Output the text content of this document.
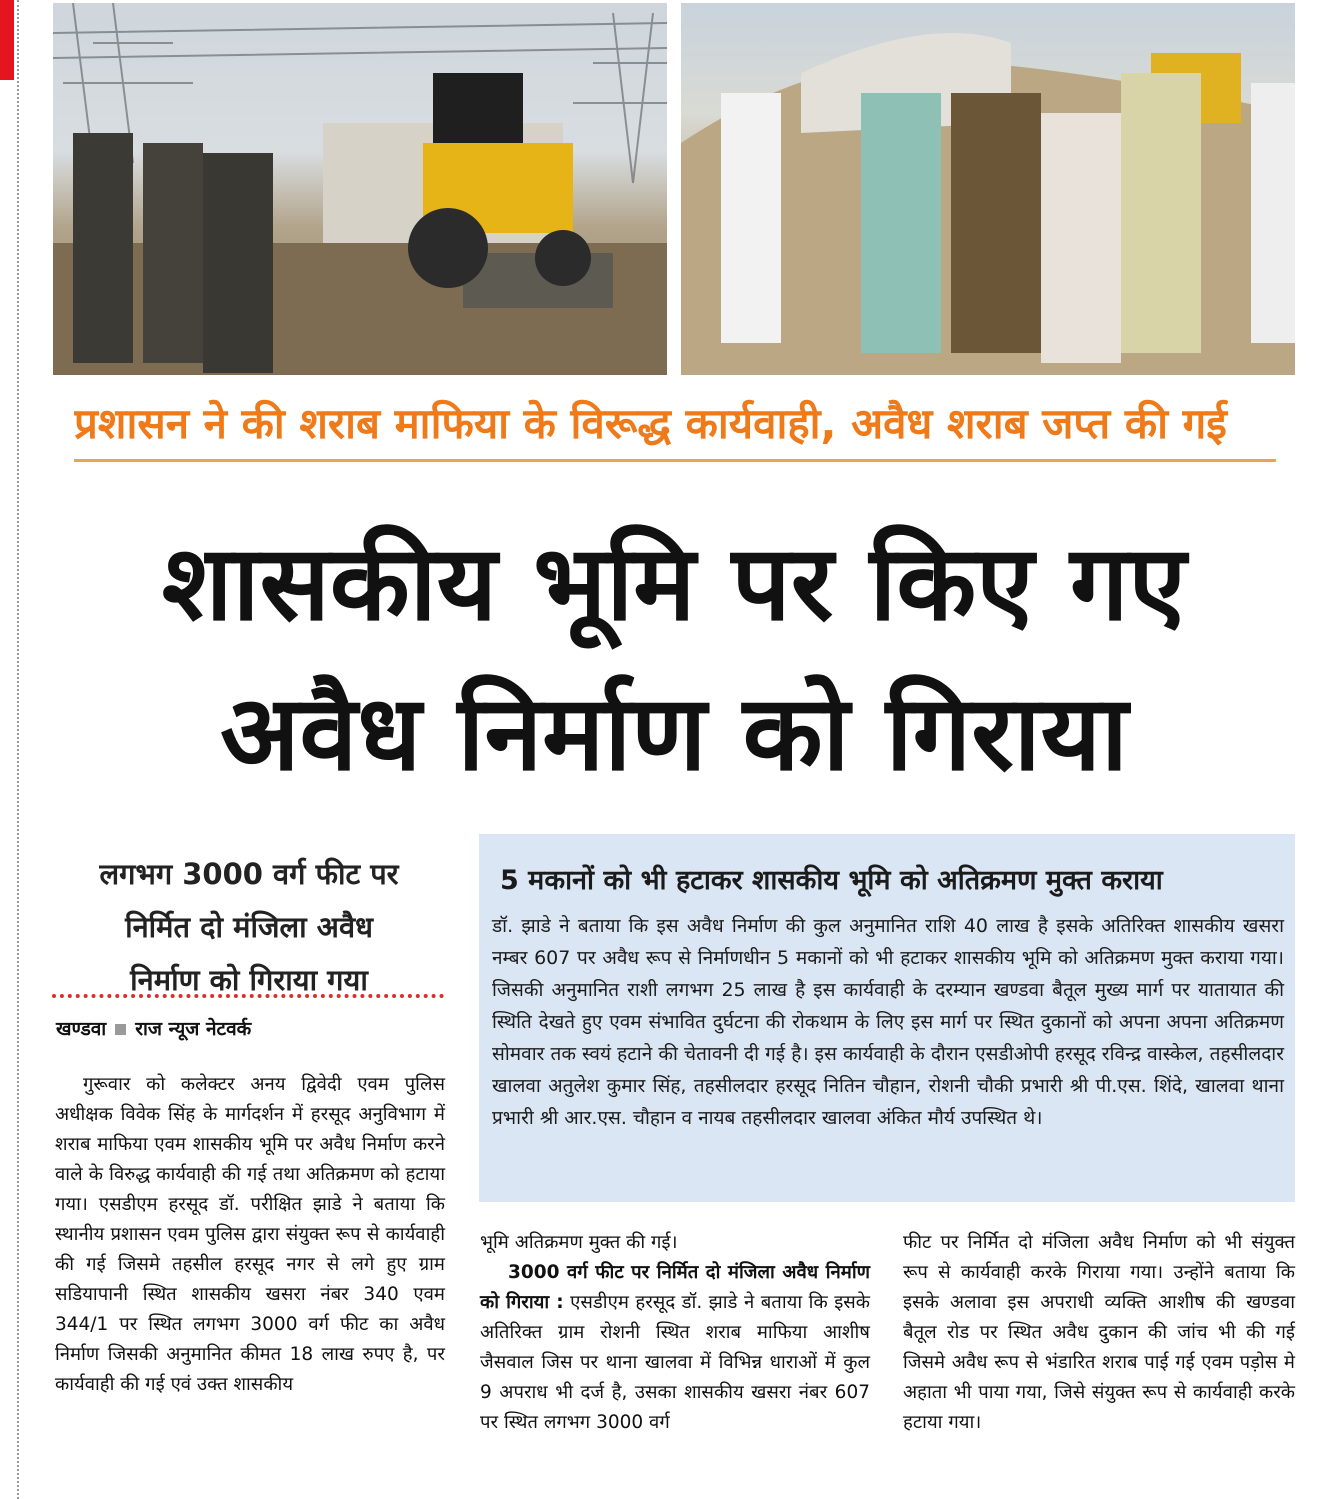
प्रशासन ने की शराब माफिया के विरूद्ध कार्यवाही, अवैध शराब जप्त की गई
शासकीय भूमि पर किए गए
अवैध निर्माण को गिराया
लगभग 3000 वर्ग फीट पर
निर्मित दो मंजिला अवैध
निर्माण को गिराया गया
खण्डवा राज न्यूज नेटवर्क

गुरूवार को कलेक्टर अनय द्विवेदी एवम पुलिस अधीक्षक विवेक सिंह के मार्गदर्शन में हरसूद अनुविभाग में शराब माफिया एवम शासकीय भूमि पर अवैध निर्माण करने वाले के विरुद्ध कार्यवाही की गई तथा अतिक्रमण को हटाया गया। एसडीएम हरसूद डॉ. परीक्षित झाडे ने बताया कि स्थानीय प्रशासन एवम पुलिस द्वारा संयुक्त रूप से कार्यवाही की गई जिसमे तहसील हरसूद नगर से लगे हुए ग्राम सडियापानी स्थित शासकीय खसरा नंबर 340 एवम 344/1 पर स्थित लगभग 3000 वर्ग फीट का अवैध निर्माण जिसकी अनुमानित कीमत 18 लाख रुपए है, पर कार्यवाही की गई एवं उक्त शासकीय

5 मकानों को भी हटाकर शासकीय भूमि को अतिक्रमण मुक्त कराया
डॉ. झाडे ने बताया कि इस अवैध निर्माण की कुल अनुमानित राशि 40 लाख है इसके अतिरिक्त शासकीय खसरा नम्बर 607 पर अवैध रूप से निर्माणधीन 5 मकानों को भी हटाकर शासकीय भूमि को अतिक्रमण मुक्त कराया गया। जिसकी अनुमानित राशी लगभग 25 लाख है इस कार्यवाही के दरम्यान खण्डवा बैतूल मुख्य मार्ग पर यातायात की स्थिति देखते हुए एवम संभावित दुर्घटना की रोकथाम के लिए इस मार्ग पर स्थित दुकानों को अपना अपना अतिक्रमण सोमवार तक स्वयं हटाने की चेतावनी दी गई है। इस कार्यवाही के दौरान एसडीओपी हरसूद रविन्द्र वास्केल, तहसीलदार खालवा अतुलेश कुमार सिंह, तहसीलदार हरसूद नितिन चौहान, रोशनी चौकी प्रभारी श्री पी.एस. शिंदे, खालवा थाना प्रभारी श्री आर.एस. चौहान व नायब तहसीलदार खालवा अंकित मौर्य उपस्थित थे।

भूमि अतिक्रमण मुक्त की गई।

3000 वर्ग फीट पर निर्मित दो मंजिला अवैध निर्माण को गिराया : एसडीएम हरसूद डॉ. झाडे ने बताया कि इसके अतिरिक्त ग्राम रोशनी स्थित शराब माफिया आशीष जैसवाल जिस पर थाना खालवा में विभिन्न धाराओं में कुल 9 अपराध भी दर्ज है, उसका शासकीय खसरा नंबर 607 पर स्थित लगभग 3000 वर्ग

फीट पर निर्मित दो मंजिला अवैध निर्माण को भी संयुक्त रूप से कार्यवाही करके गिराया गया। उन्होंने बताया कि इसके अलावा इस अपराधी व्यक्ति आशीष की खण्डवा बैतूल रोड पर स्थित अवैध दुकान की जांच भी की गई जिसमे अवैध रूप से भंडारित शराब पाई गई एवम पड़ोस मे अहाता भी पाया गया, जिसे संयुक्त रूप से कार्यवाही करके हटाया गया।
